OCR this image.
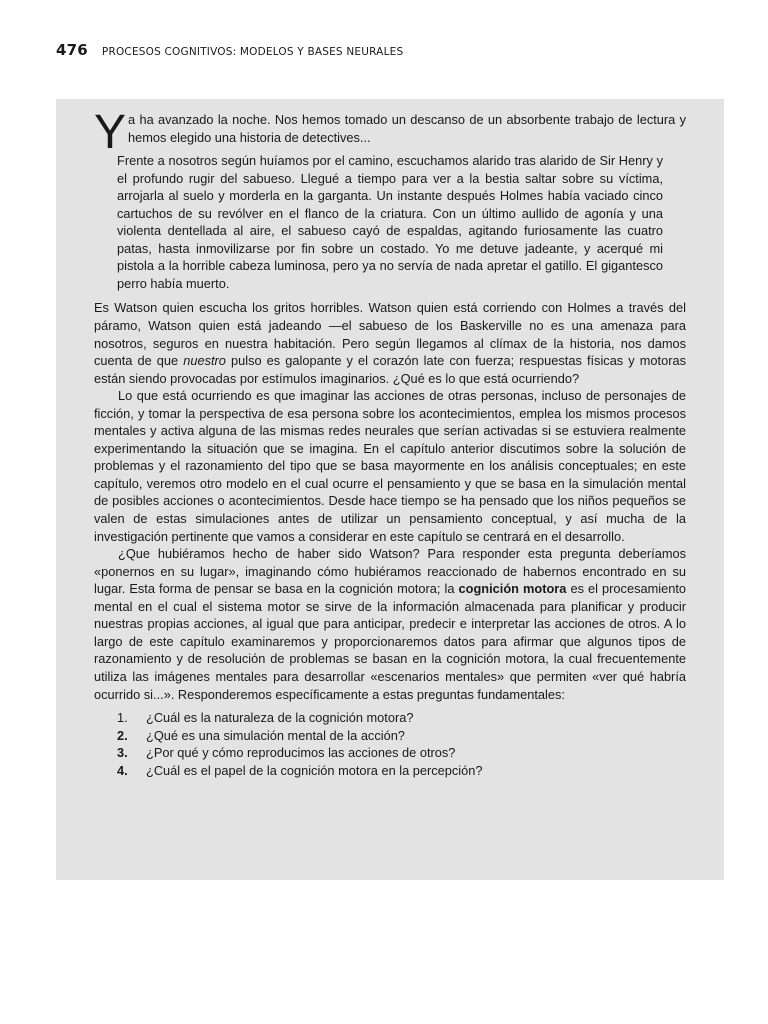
476 PROCESOS COGNITIVOS: MODELOS Y BASES NEURALES

Ya ha avanzado la noche. Nos hemos tomado un descanso de un absorbente trabajo de lectura y hemos elegido una historia de detectives...

Frente a nosotros según huíamos por el camino, escuchamos alarido tras alarido de Sir Henry y el profundo rugir del sabueso. Llegué a tiempo para ver a la bestia saltar sobre su víctima, arrojarla al suelo y morderla en la garganta. Un instante después Holmes había vaciado cinco cartuchos de su revólver en el flanco de la criatura. Con un último aullido de agonía y una violenta dentellada al aire, el sabueso cayó de espaldas, agitando furiosamente las cuatro patas, hasta inmovilizarse por fin sobre un costado. Yo me detuve jadeante, y acerqué mi pistola a la horrible cabeza luminosa, pero ya no servía de nada apretar el gatillo. El gigantesco perro había muerto.

Es Watson quien escucha los gritos horribles. Watson quien está corriendo con Holmes a través del páramo, Watson quien está jadeando —el sabueso de los Baskerville no es una amenaza para nosotros, seguros en nuestra habitación. Pero según llegamos al clímax de la historia, nos damos cuenta de que nuestro pulso es galopante y el corazón late con fuerza; respuestas físicas y motoras están siendo provocadas por estímulos imaginarios. ¿Qué es lo que está ocurriendo?

Lo que está ocurriendo es que imaginar las acciones de otras personas, incluso de personajes de ficción, y tomar la perspectiva de esa persona sobre los acontecimientos, emplea los mismos procesos mentales y activa alguna de las mismas redes neurales que serían activadas si se estuviera realmente experimentando la situación que se imagina. En el capítulo anterior discutimos sobre la solución de problemas y el razonamiento del tipo que se basa mayormente en los análisis conceptuales; en este capítulo, veremos otro modelo en el cual ocurre el pensamiento y que se basa en la simulación mental de posibles acciones o acontecimientos. Desde hace tiempo se ha pensado que los niños pequeños se valen de estas simulaciones antes de utilizar un pensamiento conceptual, y así mucha de la investigación pertinente que vamos a considerar en este capítulo se centrará en el desarrollo.

¿Que hubiéramos hecho de haber sido Watson? Para responder esta pregunta deberíamos «ponernos en su lugar», imaginando cómo hubiéramos reaccionado de habernos encontrado en su lugar. Esta forma de pensar se basa en la cognición motora; la cognición motora es el procesamiento mental en el cual el sistema motor se sirve de la información almacenada para planificar y producir nuestras propias acciones, al igual que para anticipar, predecir e interpretar las acciones de otros. A lo largo de este capítulo examinaremos y proporcionaremos datos para afirmar que algunos tipos de razonamiento y de resolución de problemas se basan en la cognición motora, la cual frecuentemente utiliza las imágenes mentales para desarrollar «escenarios mentales» que permiten «ver qué habría ocurrido si...». Responderemos específicamente a estas preguntas fundamentales:

1.	¿Cuál es la naturaleza de la cognición motora?
2.	¿Qué es una simulación mental de la acción?
3.	¿Por qué y cómo reproducimos las acciones de otros?
4.	¿Cuál es el papel de la cognición motora en la percepción?
